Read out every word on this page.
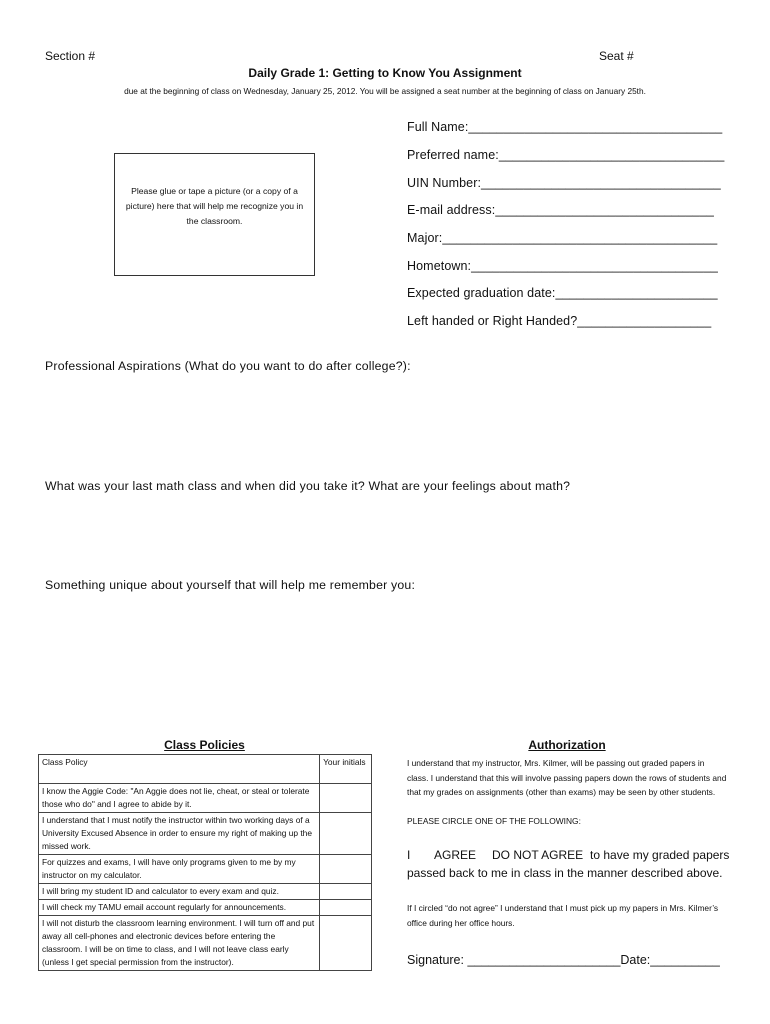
Section #	Seat #
Daily Grade 1: Getting to Know You Assignment
due at the beginning of class on Wednesday, January 25, 2012. You will be assigned a seat number at the beginning of class on January 25th.
Please glue or tape a picture (or a copy of a picture) here that will help me recognize you in the classroom.
Full Name:____________________________________
Preferred name:________________________________
UIN Number:__________________________________
E-mail address:_______________________________
Major:_______________________________________
Hometown:___________________________________
Expected graduation date:_______________________
Left handed or Right Handed?___________________
Professional Aspirations (What do you want to do after college?):
What was your last math class and when did you take it? What are your feelings about math?
Something unique about yourself that will help me remember you:
Class Policies
Class Policy	Your initials
I know the Aggie Code: "An Aggie does not lie, cheat, or steal or tolerate those who do" and I agree to abide by it.	
I understand that I must notify the instructor within two working days of a University Excused Absence in order to ensure my right of making up the missed work.	
For quizzes and exams, I will have only programs given to me by my instructor on my calculator.	
I will bring my student ID and calculator to every exam and quiz.	
I will check my TAMU email account regularly for announcements.	
I will not disturb the classroom learning environment. I will turn off and put away all cell-phones and electronic devices before entering the classroom. I will be on time to class, and I will not leave class early (unless I get special permission from the instructor).	
Authorization
I understand that my instructor, Mrs. Kilmer, will be passing out graded papers in class. I understand that this will involve passing papers down the rows of students and that my grades on assignments (other than exams) may be seen by other students.
PLEASE CIRCLE ONE OF THE FOLLOWING:
I AGREE DO NOT AGREE to have my graded papers
passed back to me in class in the manner described above.
If I circled “do not agree” I understand that I must pick up my papers in Mrs. Kilmer’s office during her office hours.
Signature: ______________________Date:__________
